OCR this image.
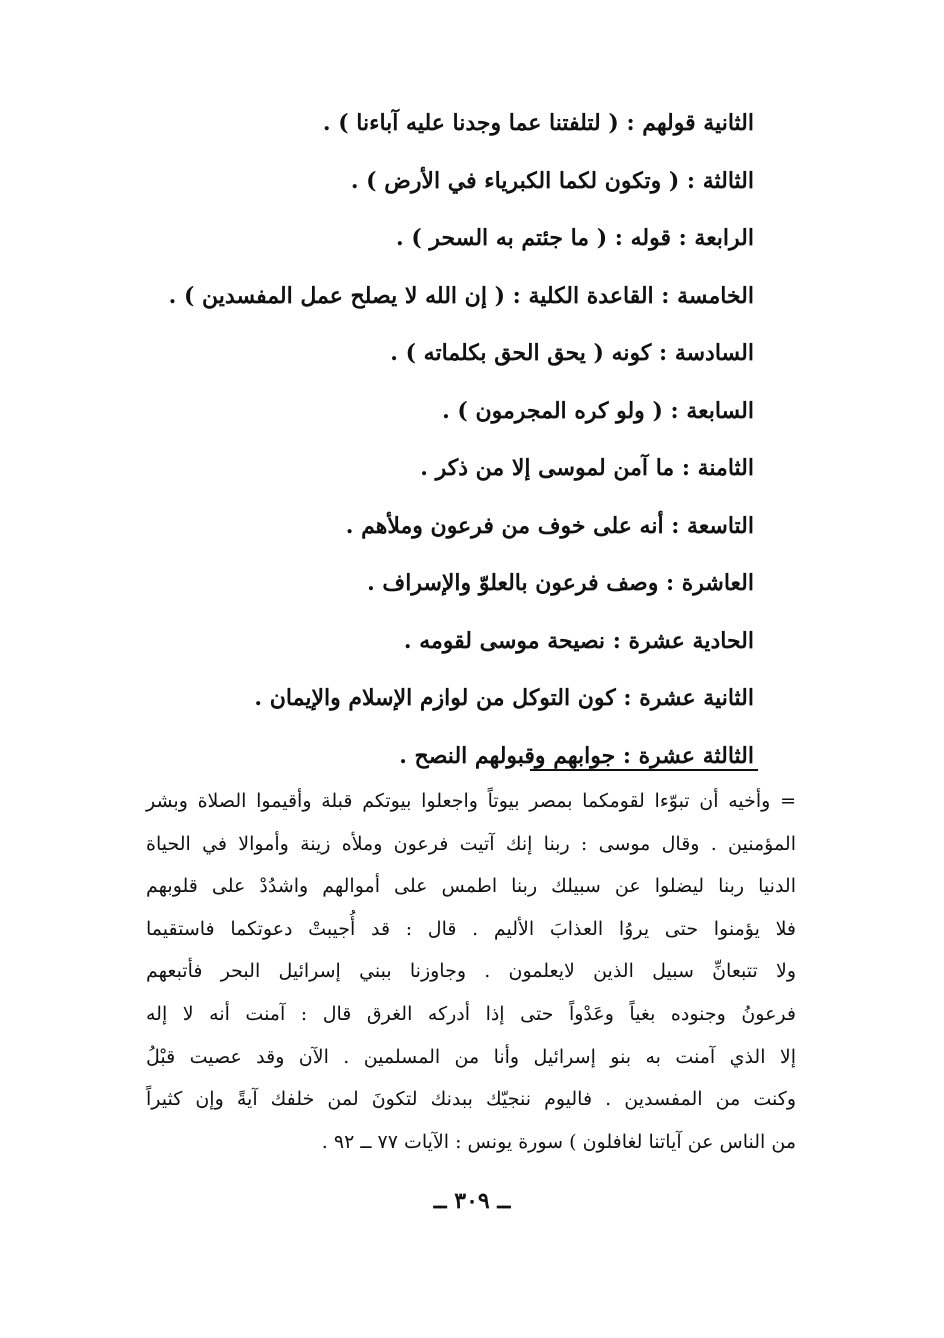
الثانية قولهم : ( لتلفتنا عما وجدنا عليه آباءنا ) .
الثالثة : ( وتكون لكما الكبرياء في الأرض ) .
الرابعة : قوله : ( ما جئتم به السحر ) .
الخامسة : القاعدة الكلية : ( إن الله لا يصلح عمل المفسدين ) .
السادسة : كونه ( يحق الحق بكلماته ) .
السابعة : ( ولو كره المجرمون ) .
الثامنة : ما آمن لموسى إلا من ذكر .
التاسعة : أنه على خوف من فرعون وملأهم .
العاشرة : وصف فرعون بالعلوّ والإسراف .
الحادية عشرة : نصيحة موسى لقومه .
الثانية عشرة : كون التوكل من لوازم الإسلام والإيمان .
الثالثة عشرة : جوابهم وقبولهم النصح .
= وأخيه أن تبوّءا لقومكما بمصر بيوتاً واجعلوا بيوتكم قبلة وأقيموا الصلاة وبشر
المؤمنين . وقال موسى : ربنا إنك آتيت فرعون وملأه زينة وأموالا في الحياة
الدنيا ربنا ليضلوا عن سبيلك ربنا اطمس على أموالهم واشدُدْ على قلوبهم
فلا يؤمنوا حتى يروُا العذابَ الأليم . قال : قد أُجيبتْ دعوتكما فاستقيما
ولا تتبعانِّ سبيل الذين لايعلمون . وجاوزنا ببني إسرائيل البحر فأتبعهم
فرعونُ وجنوده بغياً وعَدْواً حتى إذا أدركه الغرق قال : آمنت أنه لا إله
إلا الذي آمنت به بنو إسرائيل وأنا من المسلمين . الآن وقد عصيت قبْلُ
وكنت من المفسدين . فاليوم ننجيّك ببدنك لتكونَ لمن خلفك آيةً وإن كثيراً
من الناس عن آياتنا لغافلون ) سورة يونس : الآيات ٧٧ ــ ٩٢ .
ــ ٣٠٩ ــ
